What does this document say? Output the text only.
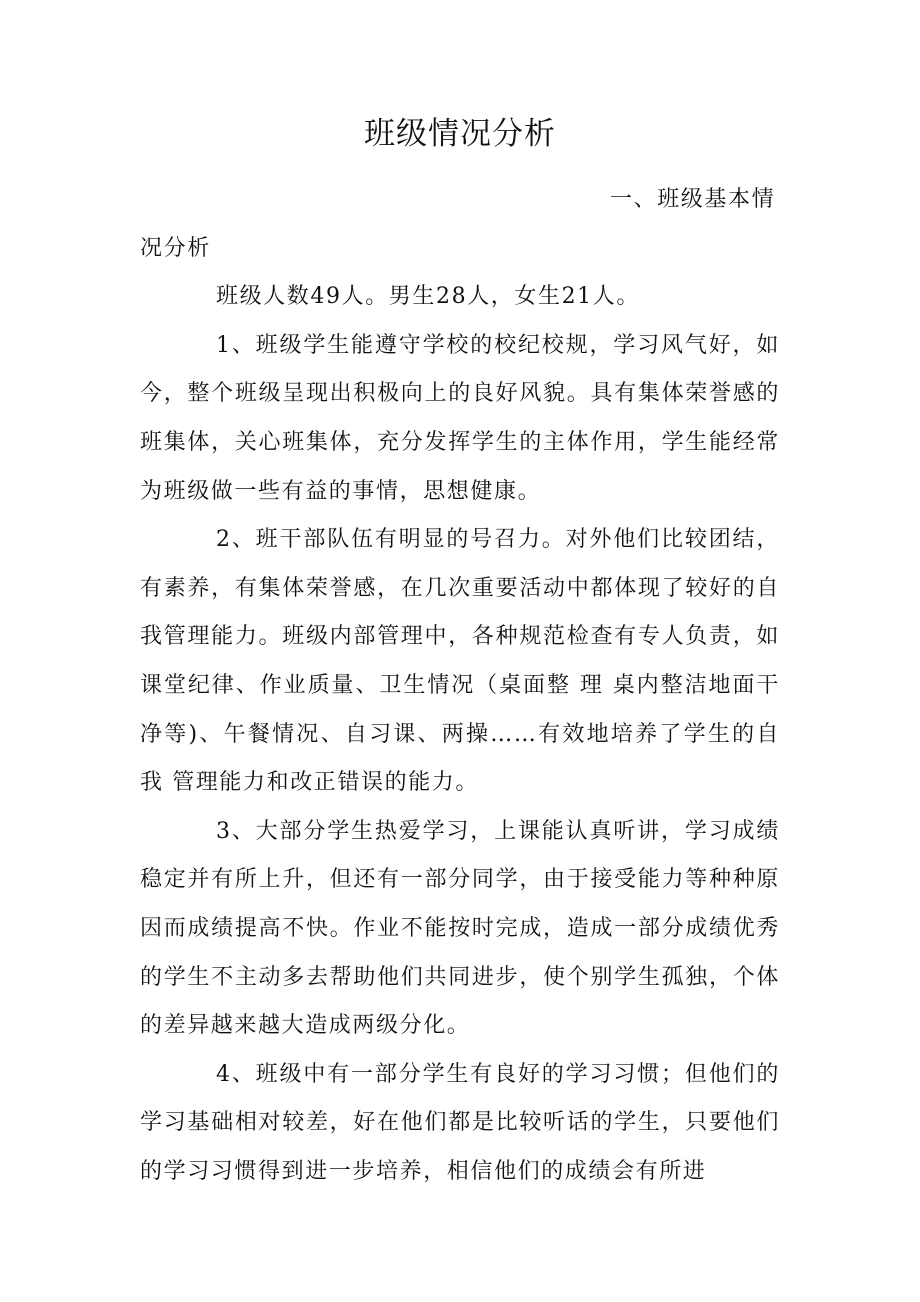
班级情况分析

一、班级基本情

况分析

班级人数49人。男生28人，女生21人。

1、班级学生能遵守学校的校纪校规，学习风气好，如今，整个班级呈现出积极向上的良好风貌。具有集体荣誉感的班集体，关心班集体，充分发挥学生的主体作用，学生能经常为班级做一些有益的事情，思想健康。

2、班干部队伍有明显的号召力。对外他们比较团结，有素养，有集体荣誉感，在几次重要活动中都体现了较好的自我管理能力。班级内部管理中，各种规范检查有专人负责，如课堂纪律、作业质量、卫生情况（桌面整 理 桌内整洁地面干净等)、午餐情况、自习课、两操……有效地培养了学生的自我 管理能力和改正错误的能力。

3、大部分学生热爱学习，上课能认真听讲，学习成绩稳定并有所上升，但还有一部分同学，由于接受能力等种种原因而成绩提高不快。作业不能按时完成，造成一部分成绩优秀的学生不主动多去帮助他们共同进步，使个别学生孤独，个体的差异越来越大造成两级分化。

4、班级中有一部分学生有良好的学习习惯；但他们的学习基础相对较差，好在他们都是比较听话的学生，只要他们的学习习惯得到进一步培养，相信他们的成绩会有所进
